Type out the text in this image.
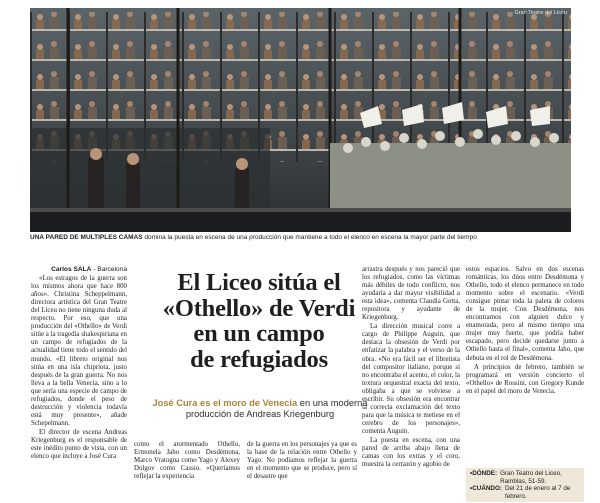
Gran Teatre del Liceu
UNA PARED DE MÚLTIPLES CAMAS domina la puesta en escena de una producción que mantiene a todo el elenco en escena la mayor parte del tiempo

Carlos SALA - Barcelona

«Los estragos de la guerra son los mismos ahora que hace 800 años». Christina Scheppelmann, directora artística del Gran Teatre del Liceu no tiene ninguna duda al respecto. Por eso, que una producción del «Othello» de Verdi sitúe a la tragedia shakespiriana en un campo de refugiados de la actualidad tiene todo el sentido del mundo. «El libreto original nos sitúa en una isla chipriota, justo después de la gran guerra. No nos lleva a la bella Venecia, sino a lo que sería una especie de campo de refugiados, donde el peso de destrucción y violencia todavía está muy presente», añade Schepelmann.

El director de escena Andreas Kriegenburg es el responsable de este inédito punto de vista, con un elenco que incluye a José Cura

El Liceo sitúa el
«Othello» de Verdi
en un campo
de refugiados
José Cura es el moro de Venecia en una moderna producción de Andreas Kriegenburg

como el atormentado Othello, Ermonela Jaho como Desdémona, Marco Vratogna como Yago y Alexey Dolgov como Cassio. «Queríamos reflejar la experiencia

de la guerra en los personajes ya que es la base de la relación entre Othello y Yago. No podíamos reflejar la guerra en el momento que se produce, pero sí el desastre que

arrastra después y nos pareció que los refugiados, como las víctimas más débiles de todo conflicto, nos ayudaría a dar mayor visibilidad a esta idea», comenta Claudia Gotta, repositora y ayudante de Kriegenburg.

La dirección musical corre a cargo de Philippe Auguin, que destaca la obsesión de Verdi por enfatizar la palabra y el verso de la obra. «No era fácil ser el libretista del compositor italiano, porque si no encontraba el acento, el color, la textura orquestral exacta del texto, obligaba a que se volviese a escribir. Su obsesión era encontrar la correcta exclamación del texto para que la música te metiese en el cerebro de los personajes», comenta Auguin.

La puesta en escena, con una pared de arriba abajo llena de camas con los extras y el coro, muestra la cerrazón y agobio de

estos espacios. Salvo en dos escenas románticas, los dúos entre Desdémona y Othello, todo el elenco permanece en todo momento sobre el escenario. «Verdi consigue pintar toda la paleta de colores de la mujer. Con Desdémona, nos encontramos con alguien dulce y enamorada, pero al mismo tiempo una mujer muy fuerte, que podría haber escapado, pero decide quedarse junto a Othello hasta el final», comenta Jaho, que debuta en el rol de Desdémona.

A principios de febrero, también se programará en versión concierto el «Othello» de Rossini, con Gregory Kunde en el papel del moro de Venecia.

• DÓNDE: Gran Teatro del Liceo, Ramblas, 51-59.
• CUÁNDO: Del 21 de enero al 7 de febrero.
